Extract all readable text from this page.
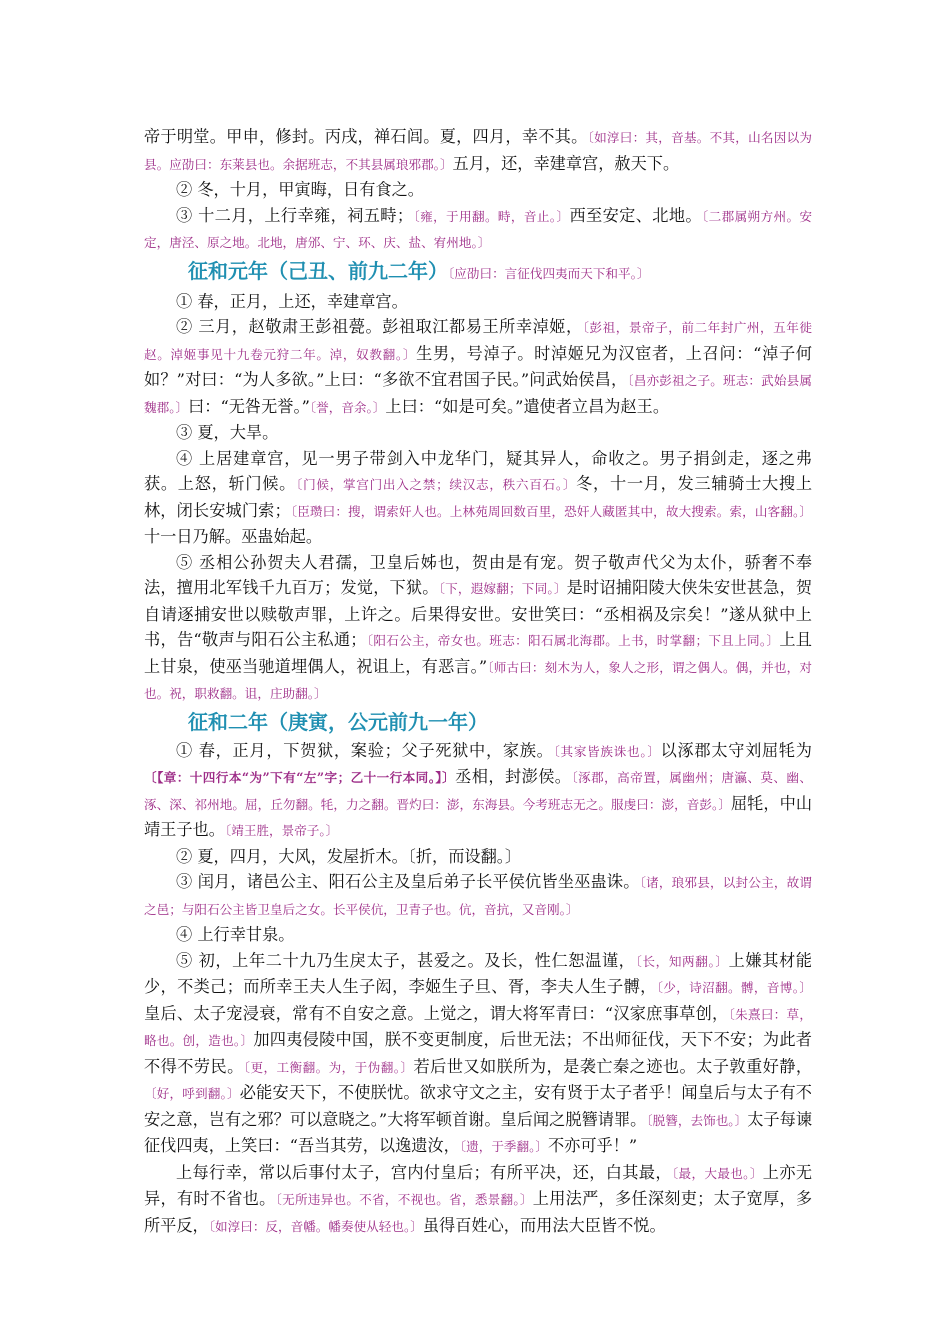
帝于明堂。甲申，修封。丙戌，禅石闾。夏，四月，幸不其。〔如淳曰：其，音基。不其，山名因以为县。应劭曰：东莱县也。余据班志，不其县属琅邪郡。〕五月，还，幸建章宫，赦天下。

② 冬，十月，甲寅晦，日有食之。

③ 十二月，上行幸雍，祠五畤；〔雍，于用翻。畤，音止。〕西至安定、北地。〔二郡属朔方州。安定，唐泾、原之地。北地，唐邠、宁、环、庆、盐、宥州地。〕

征和元年（己丑、前九二年）〔应劭曰：言征伐四夷而天下和平。〕

① 春，正月，上还，幸建章宫。

② 三月，赵敬肃王彭祖甍。彭祖取江都易王所幸淖姬，〔彭祖，景帝子，前二年封广州，五年徙赵。淖姬事见十九卷元狩二年。淖，奴教翻。〕生男，号淖子。时淖姬兄为汉宦者，上召问：“淖子何如？”对曰：“为人多欲。”上曰：“多欲不宜君国子民。”问武始侯昌，〔昌亦彭祖之子。班志：武始县属魏郡。〕曰：“无咎无誉。”〔誉，音余。〕上曰：“如是可矣。”遣使者立昌为赵王。

③ 夏，大旱。

④ 上居建章宫，见一男子带剑入中龙华门，疑其异人，命收之。男子捐剑走，逐之弗获。上怒，斩门候。〔门候，掌宫门出入之禁；续汉志，秩六百石。〕冬，十一月，发三辅骑士大搜上林，闭长安城门索；〔臣瓒曰：搜，谓索奸人也。上林苑周回数百里，恐奸人藏匿其中，故大搜索。索，山客翻。〕十一日乃解。巫蛊始起。

⑤ 丞相公孙贺夫人君孺，卫皇后姊也，贺由是有宠。贺子敬声代父为太仆，骄奢不奉法，擅用北军钱千九百万；发觉，下狱。〔下，遐嫁翻；下同。〕是时诏捕阳陵大侠朱安世甚急，贺自请逐捕安世以赎敬声罪，上许之。后果得安世。安世笑曰：“丞相祸及宗矣！”遂从狱中上书，告“敬声与阳石公主私通；〔阳石公主，帝女也。班志：阳石属北海郡。上书，时掌翻；下且上同。〕上且上甘泉，使巫当驰道埋偶人，祝诅上，有恶言。”〔师古曰：刻木为人，象人之形，谓之偶人。偶，并也，对也。祝，职救翻。诅，庄助翻。〕

征和二年（庚寅，公元前九一年）

① 春，正月，下贺狱，案验；父子死狱中，家族。〔其家皆族诛也。〕以涿郡太守刘屈牦为〔【章：十四行本“为”下有“左”字；乙十一行本同。】〕丞相，封澎侯。〔涿郡，高帝置，属幽州；唐瀛、莫、幽、涿、深、祁州地。屈，丘勿翻。牦，力之翻。晋灼曰：澎，东海县。今考班志无之。服虔曰：澎，音彭。〕屈牦，中山靖王子也。〔靖王胜，景帝子。〕

② 夏，四月，大风，发屋折木。〔折，而设翻。〕

③ 闰月，诸邑公主、阳石公主及皇后弟子长平侯伉皆坐巫蛊诛。〔诸，琅邪县，以封公主，故谓之邑；与阳石公主皆卫皇后之女。长平侯伉，卫青子也。伉，音抗，又音刚。〕

④ 上行幸甘泉。

⑤ 初，上年二十九乃生戾太子，甚爱之。及长，性仁恕温谨，〔长，知两翻。〕上嫌其材能少，不类己；而所幸王夫人生子闳，李姬生子旦、胥，李夫人生子髆，〔少，诗沼翻。髆，音博。〕皇后、太子宠浸衰，常有不自安之意。上觉之，谓大将军青曰：“汉家庶事草创，〔朱熹曰：草，略也。创，造也。〕加四夷侵陵中国，朕不变更制度，后世无法；不出师征伐，天下不安；为此者不得不劳民。〔更，工衡翻。为，于伪翻。〕若后世又如朕所为，是袭亡秦之迹也。太子敦重好静，〔好，呼到翻。〕必能安天下，不使朕忧。欲求守文之主，安有贤于太子者乎！闻皇后与太子有不安之意，岂有之邪？可以意晓之。”大将军顿首谢。皇后闻之脱簪请罪。〔脱簪，去饰也。〕太子每谏征伐四夷，上笑曰：“吾当其劳，以逸遗汝，〔遗，于季翻。〕不亦可乎！”

上每行幸，常以后事付太子，宫内付皇后；有所平决，还，白其最，〔最，大最也。〕上亦无异，有时不省也。〔无所违异也。不省，不视也。省，悉景翻。〕上用法严，多任深刻吏；太子宽厚，多所平反，〔如淳曰：反，音幡。幡奏使从轻也。〕虽得百姓心，而用法大臣皆不悦。
